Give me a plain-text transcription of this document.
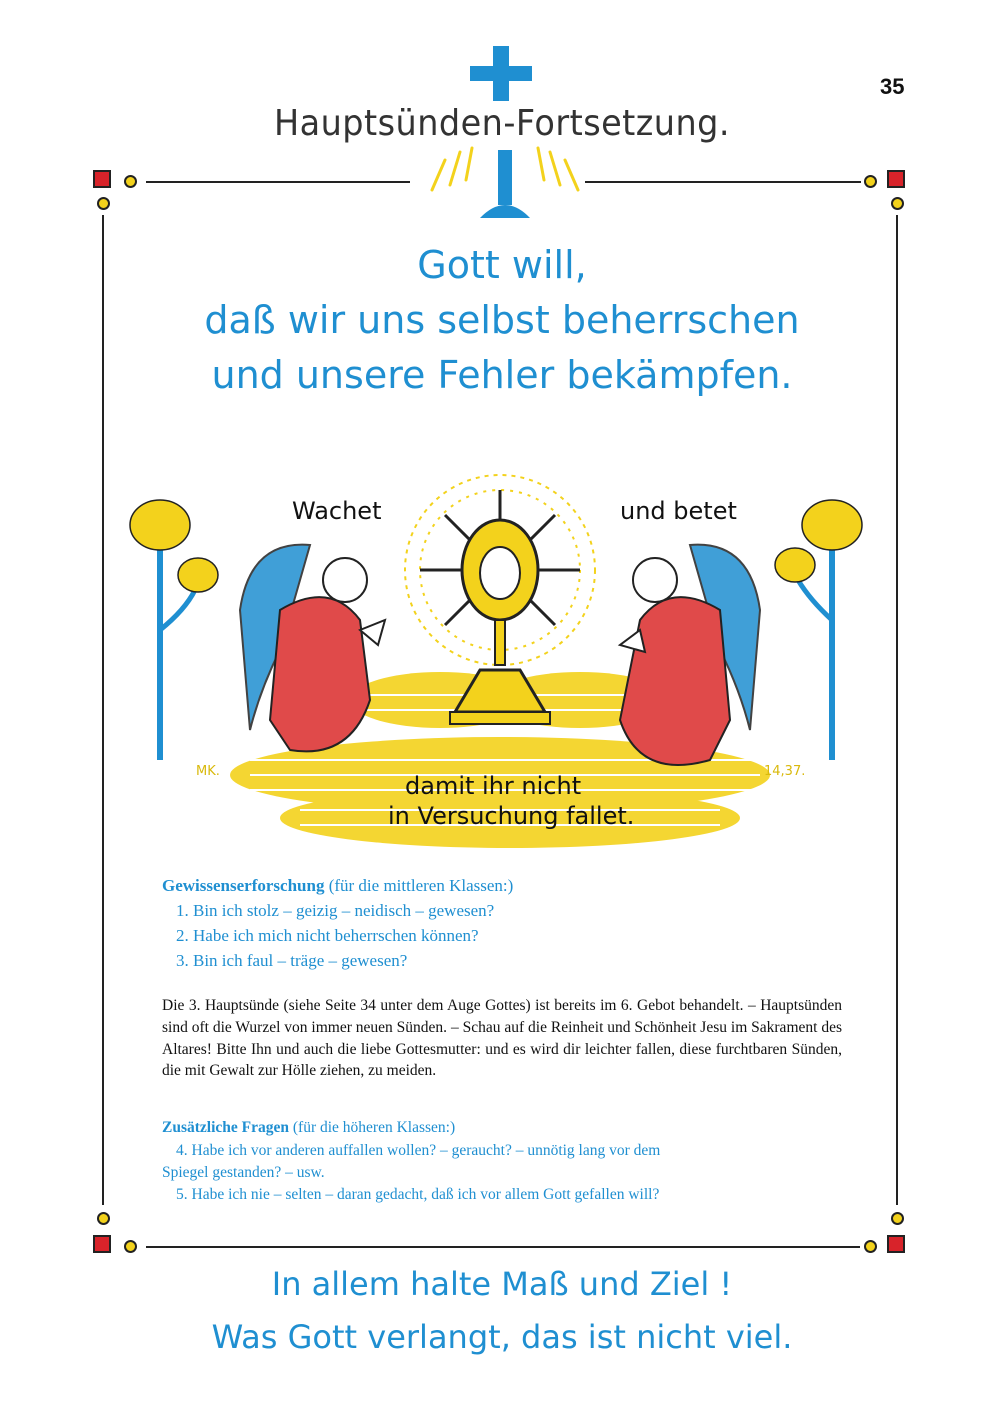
35
Hauptsünden-Fortsetzung.
Gott will,
daß wir uns selbst beherrschen
und unsere Fehler bekämpfen.
Wachet	und betet
damit ihr nicht
in Versuchung fallet.
MK.	14,37.
Gewissenserforschung (für die mittleren Klassen:)
1. Bin ich stolz – geizig – neidisch – gewesen?
2. Habe ich mich nicht beherrschen können?
3. Bin ich faul – träge – gewesen?
Die 3. Hauptsünde (siehe Seite 34 unter dem Auge Gottes) ist bereits im 6. Gebot behandelt. – Hauptsünden sind oft die Wurzel von immer neuen Sünden. – Schau auf die Reinheit und Schönheit Jesu im Sakrament des Altares! Bitte Ihn und auch die liebe Gottesmutter: und es wird dir leichter fallen, diese furchtbaren Sünden, die mit Gewalt zur Hölle ziehen, zu meiden.
Zusätzliche Fragen (für die höheren Klassen:)
4. Habe ich vor anderen auffallen wollen? – geraucht? – unnötig lang vor dem
Spiegel gestanden? – usw.
5. Habe ich nie – selten – daran gedacht, daß ich vor allem Gott gefallen will?
In allem halte Maß und Ziel !
Was Gott verlangt, das ist nicht viel.
